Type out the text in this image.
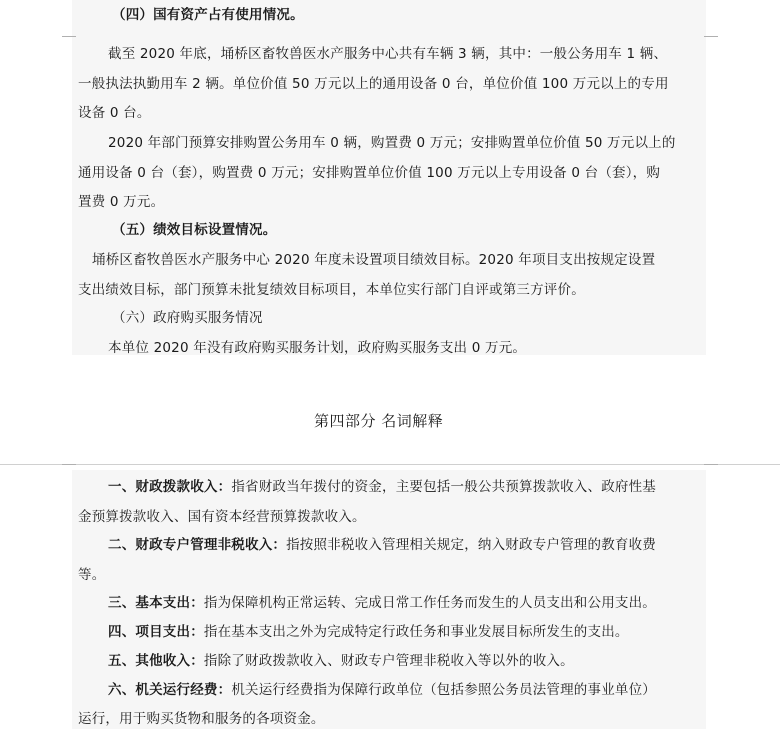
（四）国有资产占有使用情况。
截至 2020 年底，埇桥区畜牧兽医水产服务中心共有车辆 3 辆，其中：一般公务用车 1 辆、
一般执法执勤用车 2 辆。单位价值 50 万元以上的通用设备 0 台，单位价值 100 万元以上的专用
设备 0 台。
2020 年部门预算安排购置公务用车 0 辆，购置费 0 万元；安排购置单位价值 50 万元以上的
通用设备 0 台（套），购置费 0 万元；安排购置单位价值 100 万元以上专用设备 0 台（套），购
置费 0 万元。
（五）绩效目标设置情况。
埇桥区畜牧兽医水产服务中心 2020 年度未设置项目绩效目标。2020 年项目支出按规定设置
支出绩效目标，部门预算未批复绩效目标项目，本单位实行部门自评或第三方评价。
（六）政府购买服务情况
本单位 2020 年没有政府购买服务计划，政府购买服务支出 0 万元。
第四部分 名词解释
一、财政拨款收入：指省财政当年拨付的资金，主要包括一般公共预算拨款收入、政府性基
金预算拨款收入、国有资本经营预算拨款收入。
二、财政专户管理非税收入：指按照非税收入管理相关规定，纳入财政专户管理的教育收费
等。
三、基本支出：指为保障机构正常运转、完成日常工作任务而发生的人员支出和公用支出。
四、项目支出：指在基本支出之外为完成特定行政任务和事业发展目标所发生的支出。
五、其他收入：指除了财政拨款收入、财政专户管理非税收入等以外的收入。
六、机关运行经费：机关运行经费指为保障行政单位（包括参照公务员法管理的事业单位）
运行，用于购买货物和服务的各项资金。
